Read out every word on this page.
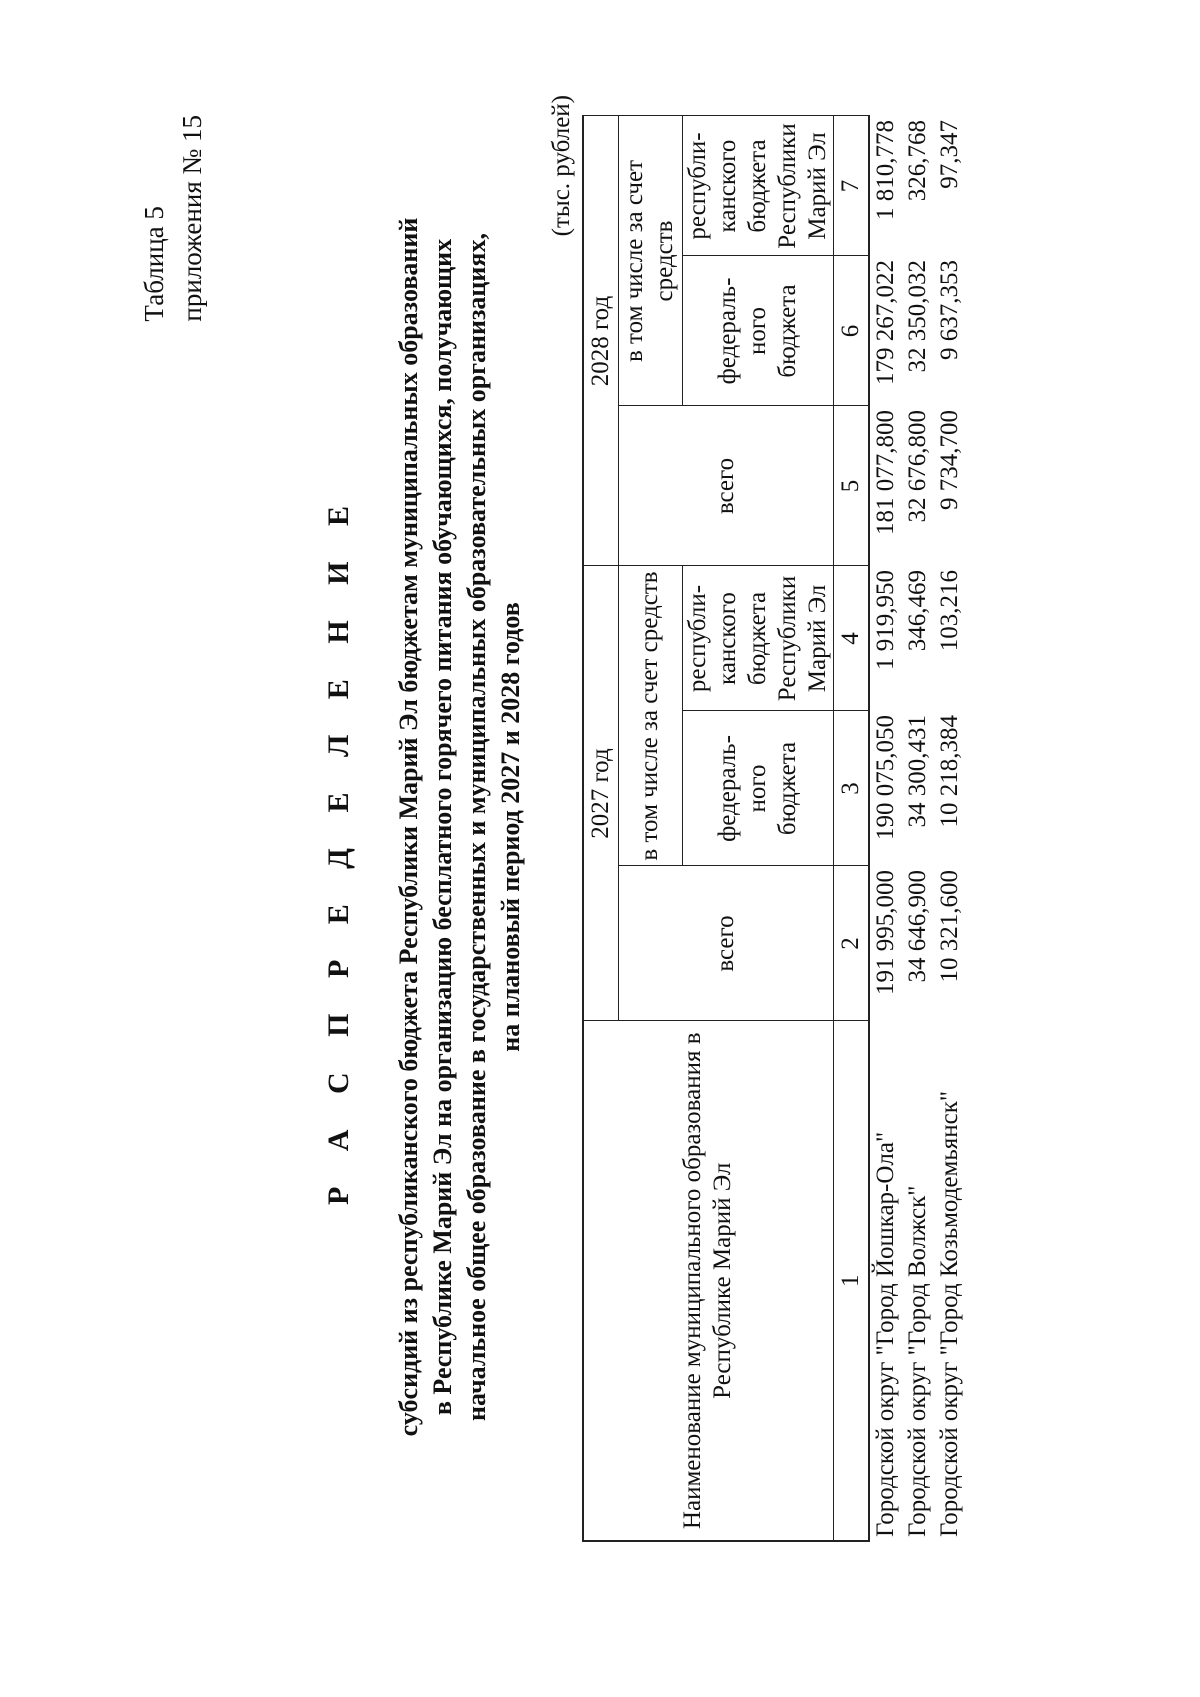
Таблица 5 приложения № 15
Р А С П Р Е Д Е Л Е Н И Е субсидий из республиканского бюджета Республики Марий Эл бюджетам муниципальных образований в Республике Марий Эл на организацию бесплатного горячего питания обучающихся, получающих начальное общее образование в государственных и муниципальных образовательных организациях, на плановый период 2027 и 2028 годов
(тыс. рублей)
Наименование муниципального образования в Республике Марий Эл	2027 год			2028 год		
	всего	в том числе за счет средств		всего	в том числе за счет средств	
		федераль-ного бюджета	республи-канского бюджета Республики Марий Эл		федераль-ного бюджета	республи-канского бюджета Республики Марий Эл
1	2	3	4	5	6	7
Городской округ "Город Йошкар-Ола"	191 995,000	190 075,050	1 919,950	181 077,800	179 267,022	1 810,778
Городской округ "Город Волжск"	34 646,900	34 300,431	346,469	32 676,800	32 350,032	326,768
Городской округ "Город Козьмодемьянск"	10 321,600	10 218,384	103,216	9 734,700	9 637,353	97,347
